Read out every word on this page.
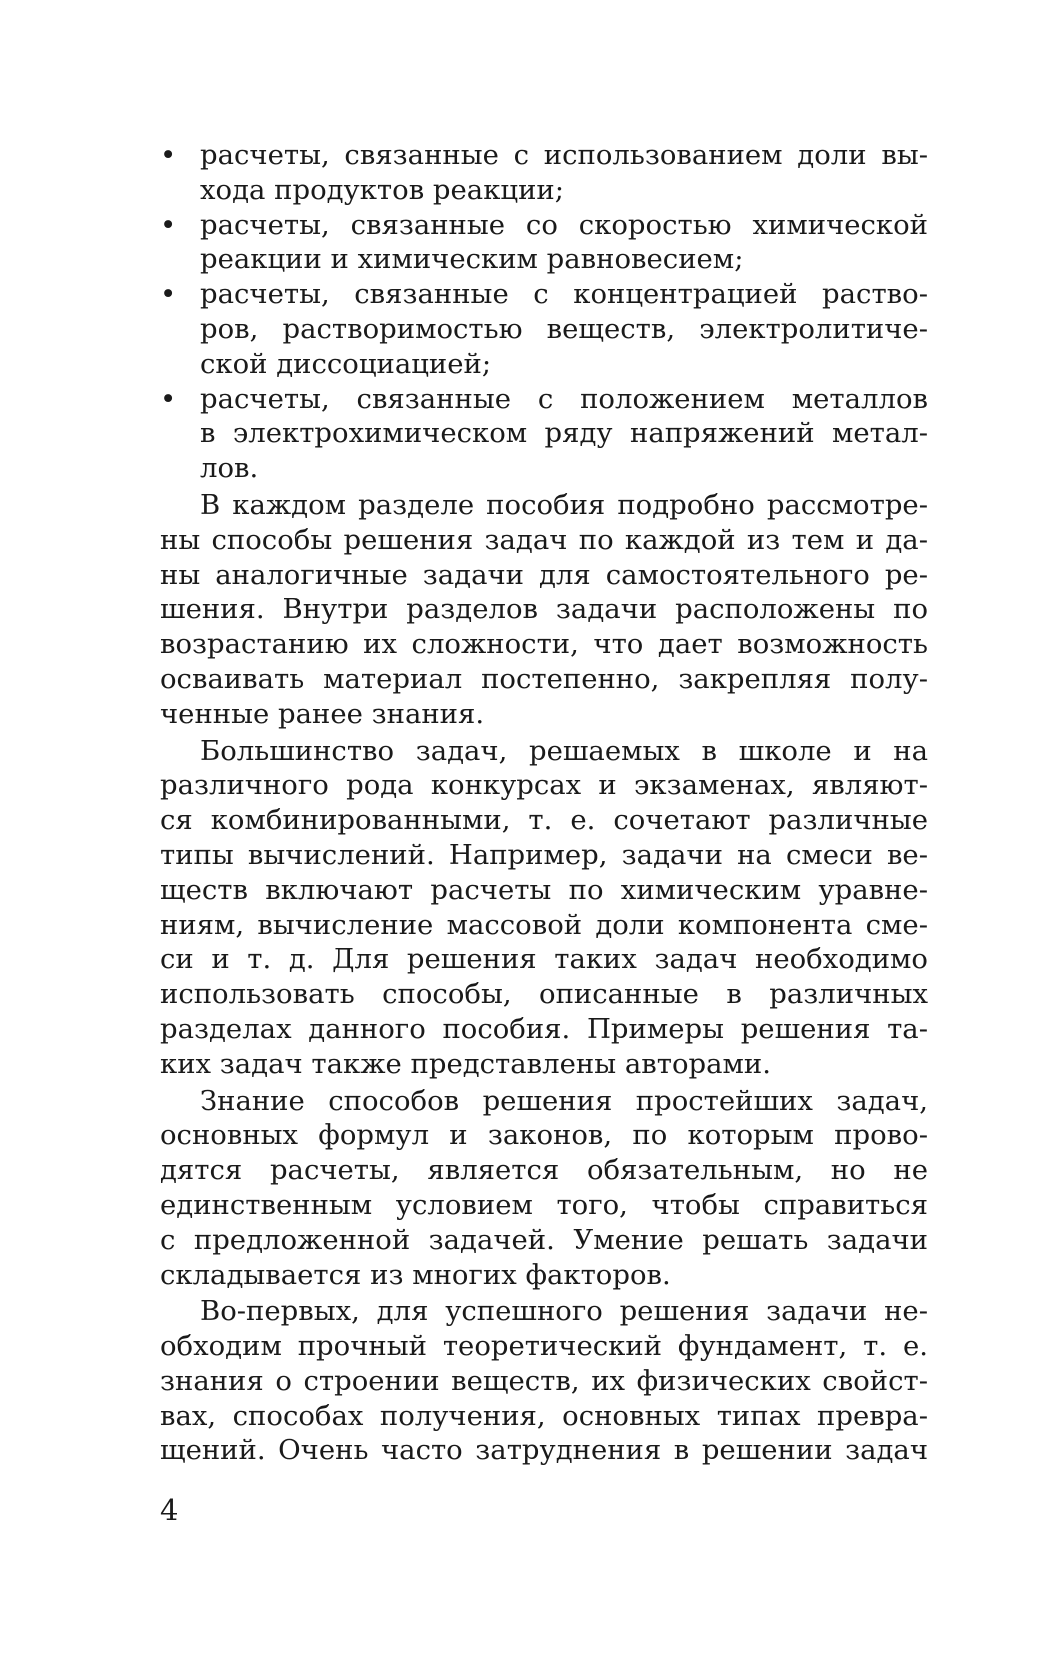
• расчеты, связанные с использованием доли вы-
хода продуктов реакции;
• расчеты, связанные со скоростью химической
реакции и химическим равновесием;
• расчеты, связанные с концентрацией раство-
ров, растворимостью веществ, электролитиче-
ской диссоциацией;
• расчеты, связанные с положением металлов
в электрохимическом ряду напряжений метал-
лов.
В каждом разделе пособия подробно рассмотре-
ны способы решения задач по каждой из тем и да-
ны аналогичные задачи для самостоятельного ре-
шения. Внутри разделов задачи расположены по
возрастанию их сложности, что дает возможность
осваивать материал постепенно, закрепляя полу-
ченные ранее знания.
Большинство задач, решаемых в школе и на
различного рода конкурсах и экзаменах, являют-
ся комбинированными, т. е. сочетают различные
типы вычислений. Например, задачи на смеси ве-
ществ включают расчеты по химическим уравне-
ниям, вычисление массовой доли компонента сме-
си и т. д. Для решения таких задач необходимо
использовать способы, описанные в различных
разделах данного пособия. Примеры решения та-
ких задач также представлены авторами.
Знание способов решения простейших задач,
основных формул и законов, по которым прово-
дятся расчеты, является обязательным, но не
единственным условием того, чтобы справиться
с предложенной задачей. Умение решать задачи
складывается из многих факторов.
Во-первых, для успешного решения задачи не-
обходим прочный теоретический фундамент, т. е.
знания о строении веществ, их физических свойст-
вах, способах получения, основных типах превра-
щений. Очень часто затруднения в решении задач
4
